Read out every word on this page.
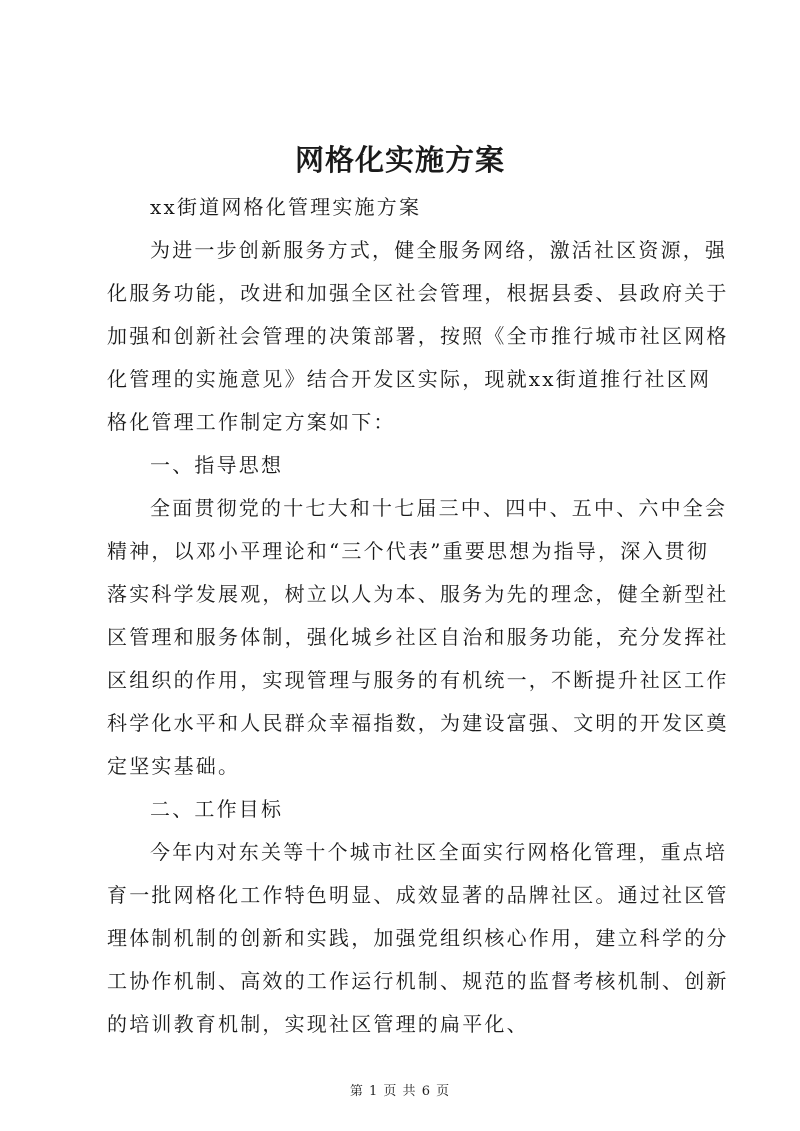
网格化实施方案
xx街道网格化管理实施方案
为进一步创新服务方式，健全服务网络，激活社区资源，强
化服务功能，改进和加强全区社会管理，根据县委、县政府关于
加强和创新社会管理的决策部署，按照《全市推行城市社区网格
化管理的实施意见》结合开发区实际，现就xx街道推行社区网
格化管理工作制定方案如下：
一、指导思想
全面贯彻党的十七大和十七届三中、四中、五中、六中全会
精神，以邓小平理论和“三个代表”重要思想为指导，深入贯彻
落实科学发展观，树立以人为本、服务为先的理念，健全新型社
区管理和服务体制，强化城乡社区自治和服务功能，充分发挥社
区组织的作用，实现管理与服务的有机统一，不断提升社区工作
科学化水平和人民群众幸福指数，为建设富强、文明的开发区奠
定坚实基础。
二、工作目标
今年内对东关等十个城市社区全面实行网格化管理，重点培
育一批网格化工作特色明显、成效显著的品牌社区。通过社区管
理体制机制的创新和实践，加强党组织核心作用，建立科学的分
工协作机制、高效的工作运行机制、规范的监督考核机制、创新
的培训教育机制，实现社区管理的扁平化、
第 1 页 共 6 页
